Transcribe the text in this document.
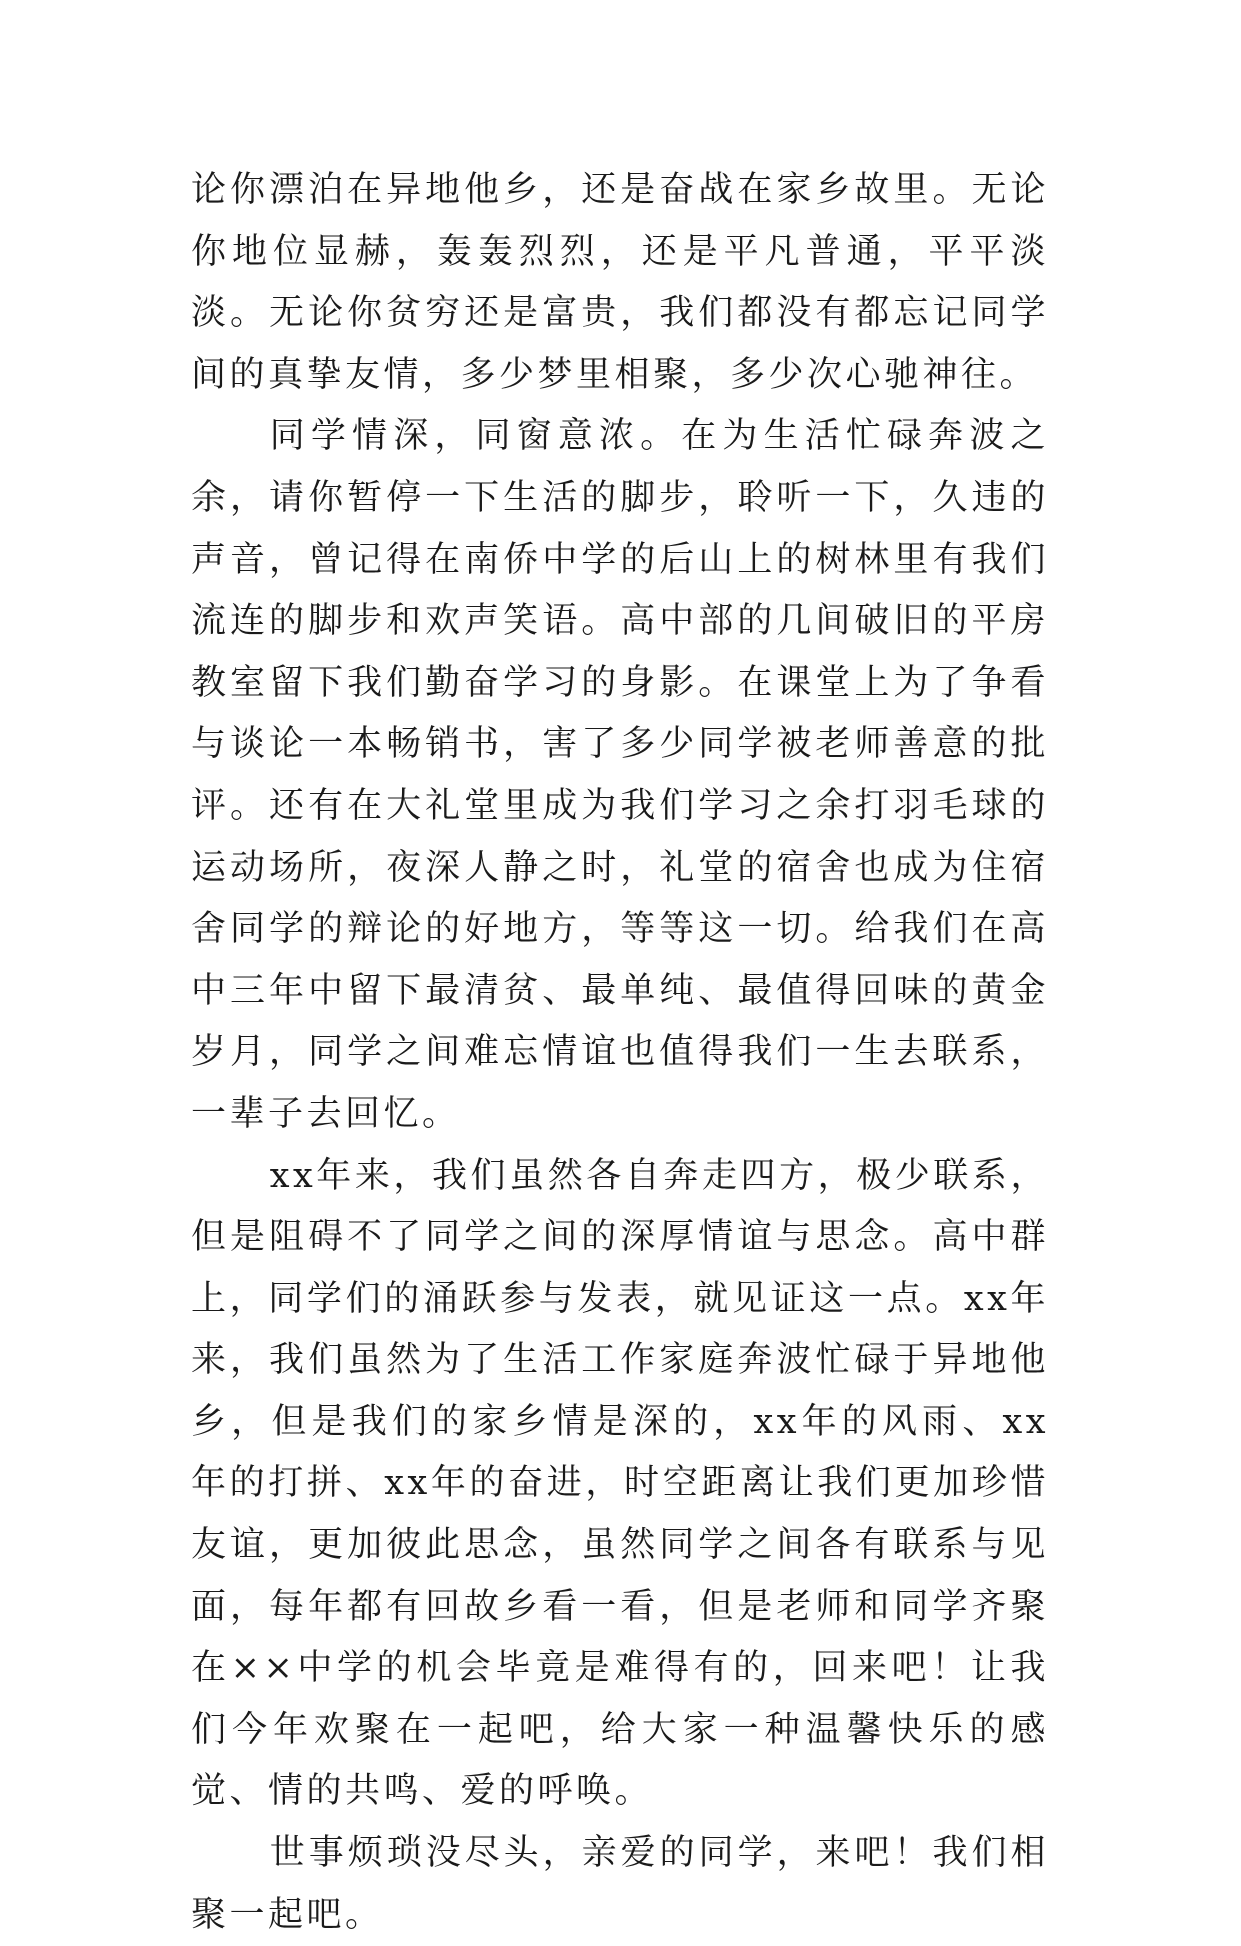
论你漂泊在异地他乡，还是奋战在家乡故里。无论你地位显赫，轰轰烈烈，还是平凡普通，平平淡淡。无论你贫穷还是富贵，我们都没有都忘记同学间的真挚友情，多少梦里相聚，多少次心驰神往。

同学情深，同窗意浓。在为生活忙碌奔波之余，请你暂停一下生活的脚步，聆听一下，久违的声音，曾记得在南侨中学的后山上的树林里有我们流连的脚步和欢声笑语。高中部的几间破旧的平房教室留下我们勤奋学习的身影。在课堂上为了争看与谈论一本畅销书，害了多少同学被老师善意的批评。还有在大礼堂里成为我们学习之余打羽毛球的运动场所，夜深人静之时，礼堂的宿舍也成为住宿舍同学的辩论的好地方，等等这一切。给我们在高中三年中留下最清贫、最单纯、最值得回味的黄金岁月，同学之间难忘情谊也值得我们一生去联系，一辈子去回忆。

xx年来，我们虽然各自奔走四方，极少联系，但是阻碍不了同学之间的深厚情谊与思念。高中群上，同学们的涌跃参与发表，就见证这一点。xx年来，我们虽然为了生活工作家庭奔波忙碌于异地他乡，但是我们的家乡情是深的，xx年的风雨、xx年的打拼、xx年的奋进，时空距离让我们更加珍惜友谊，更加彼此思念，虽然同学之间各有联系与见面，每年都有回故乡看一看，但是老师和同学齐聚在××中学的机会毕竟是难得有的，回来吧！让我们今年欢聚在一起吧，给大家一种温馨快乐的感觉、情的共鸣、爱的呼唤。

世事烦琐没尽头，亲爱的同学，来吧！我们相聚一起吧。
